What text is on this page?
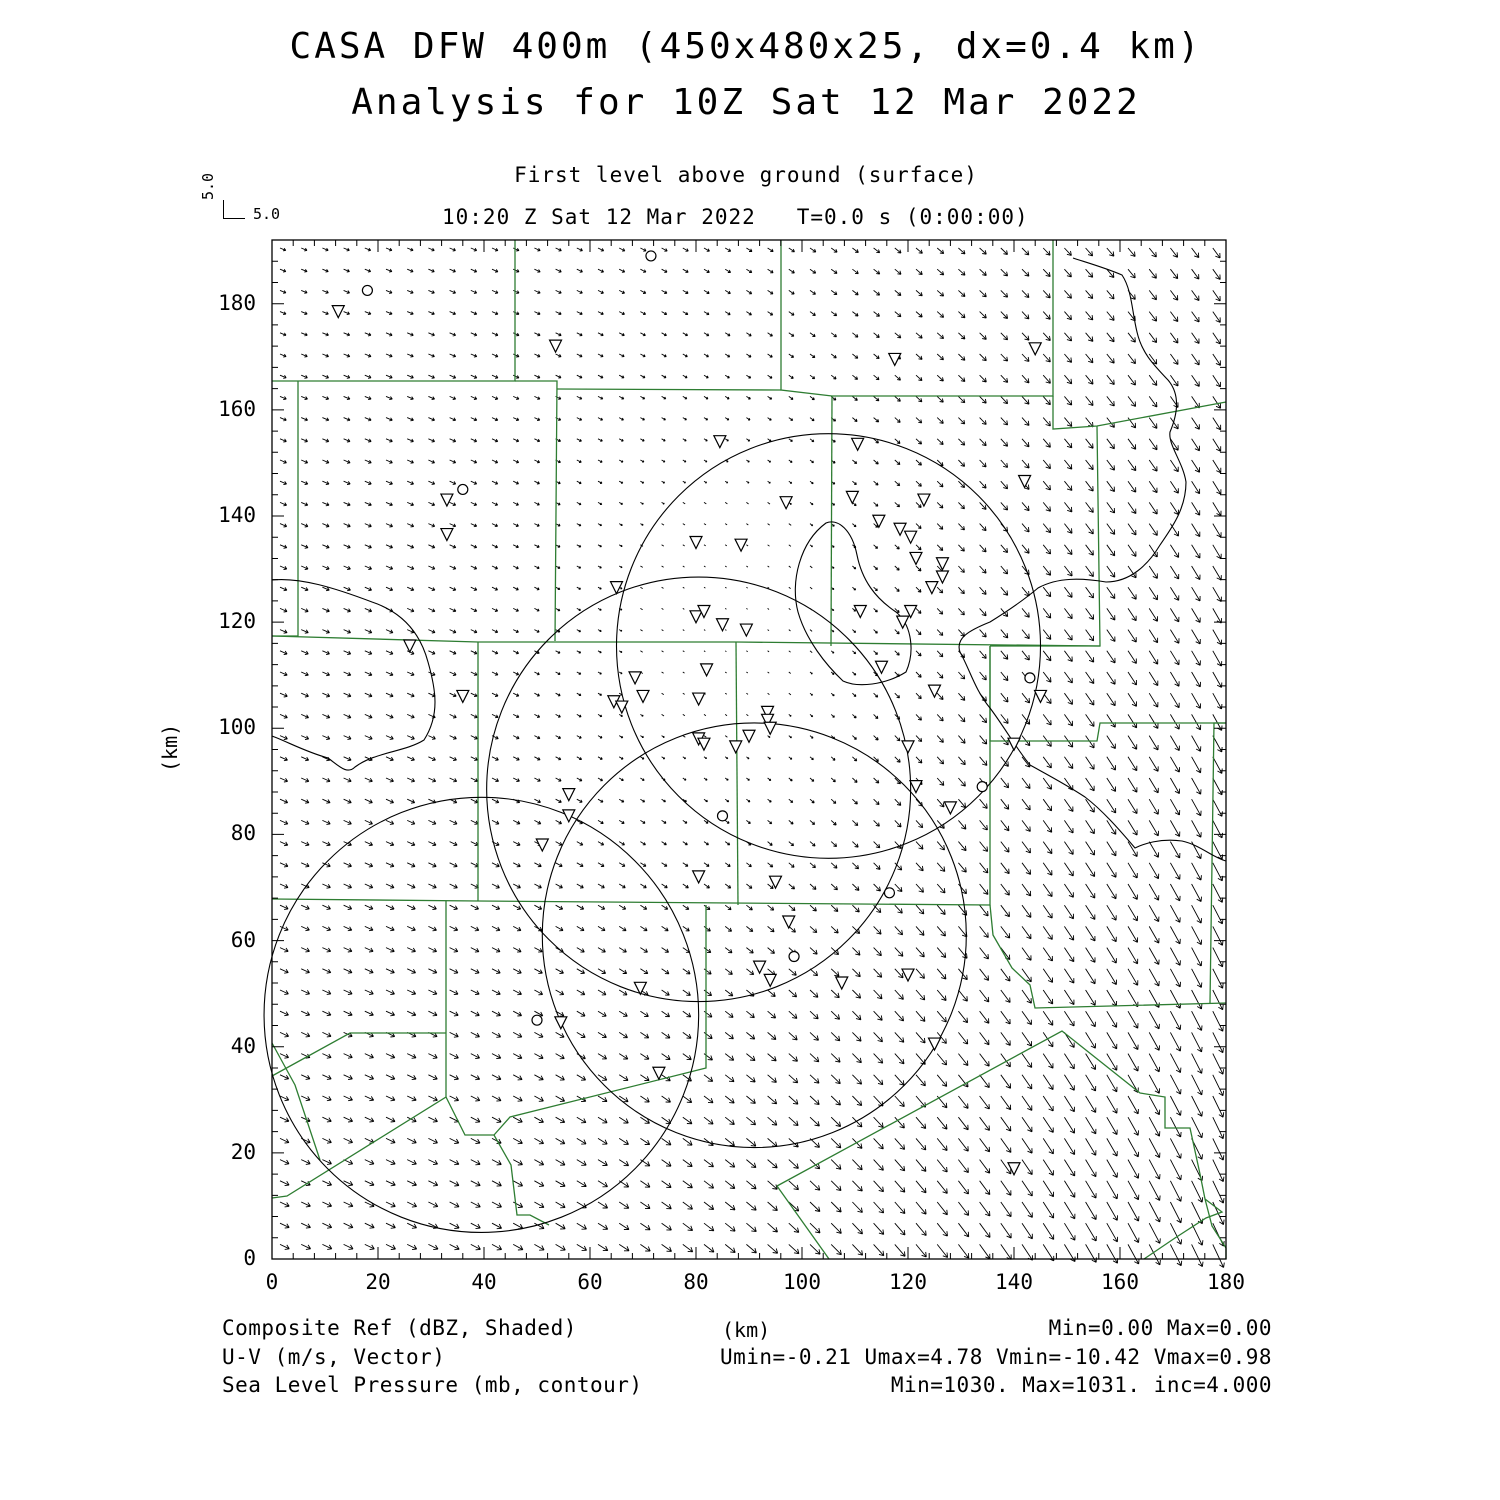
CASA DFW 400m (450x480x25, dx=0.4 km)
Analysis for 10Z Sat 12 Mar 2022
First level above ground (surface)
10:20 Z Sat 12 Mar 2022   T=0.0 s (0:00:00)
5.0
5.0
0	20	40	60	80	100	120	140	160	180
0
20
40
60
80
100
120
140
160
180
(km)
(km)
Composite Ref (dBZ, Shaded)	Min=0.00 Max=0.00
U-V (m/s, Vector)	Umin=-0.21 Umax=4.78 Vmin=-10.42 Vmax=0.98
Sea Level Pressure (mb, contour)	Min=1030. Max=1031. inc=4.000
